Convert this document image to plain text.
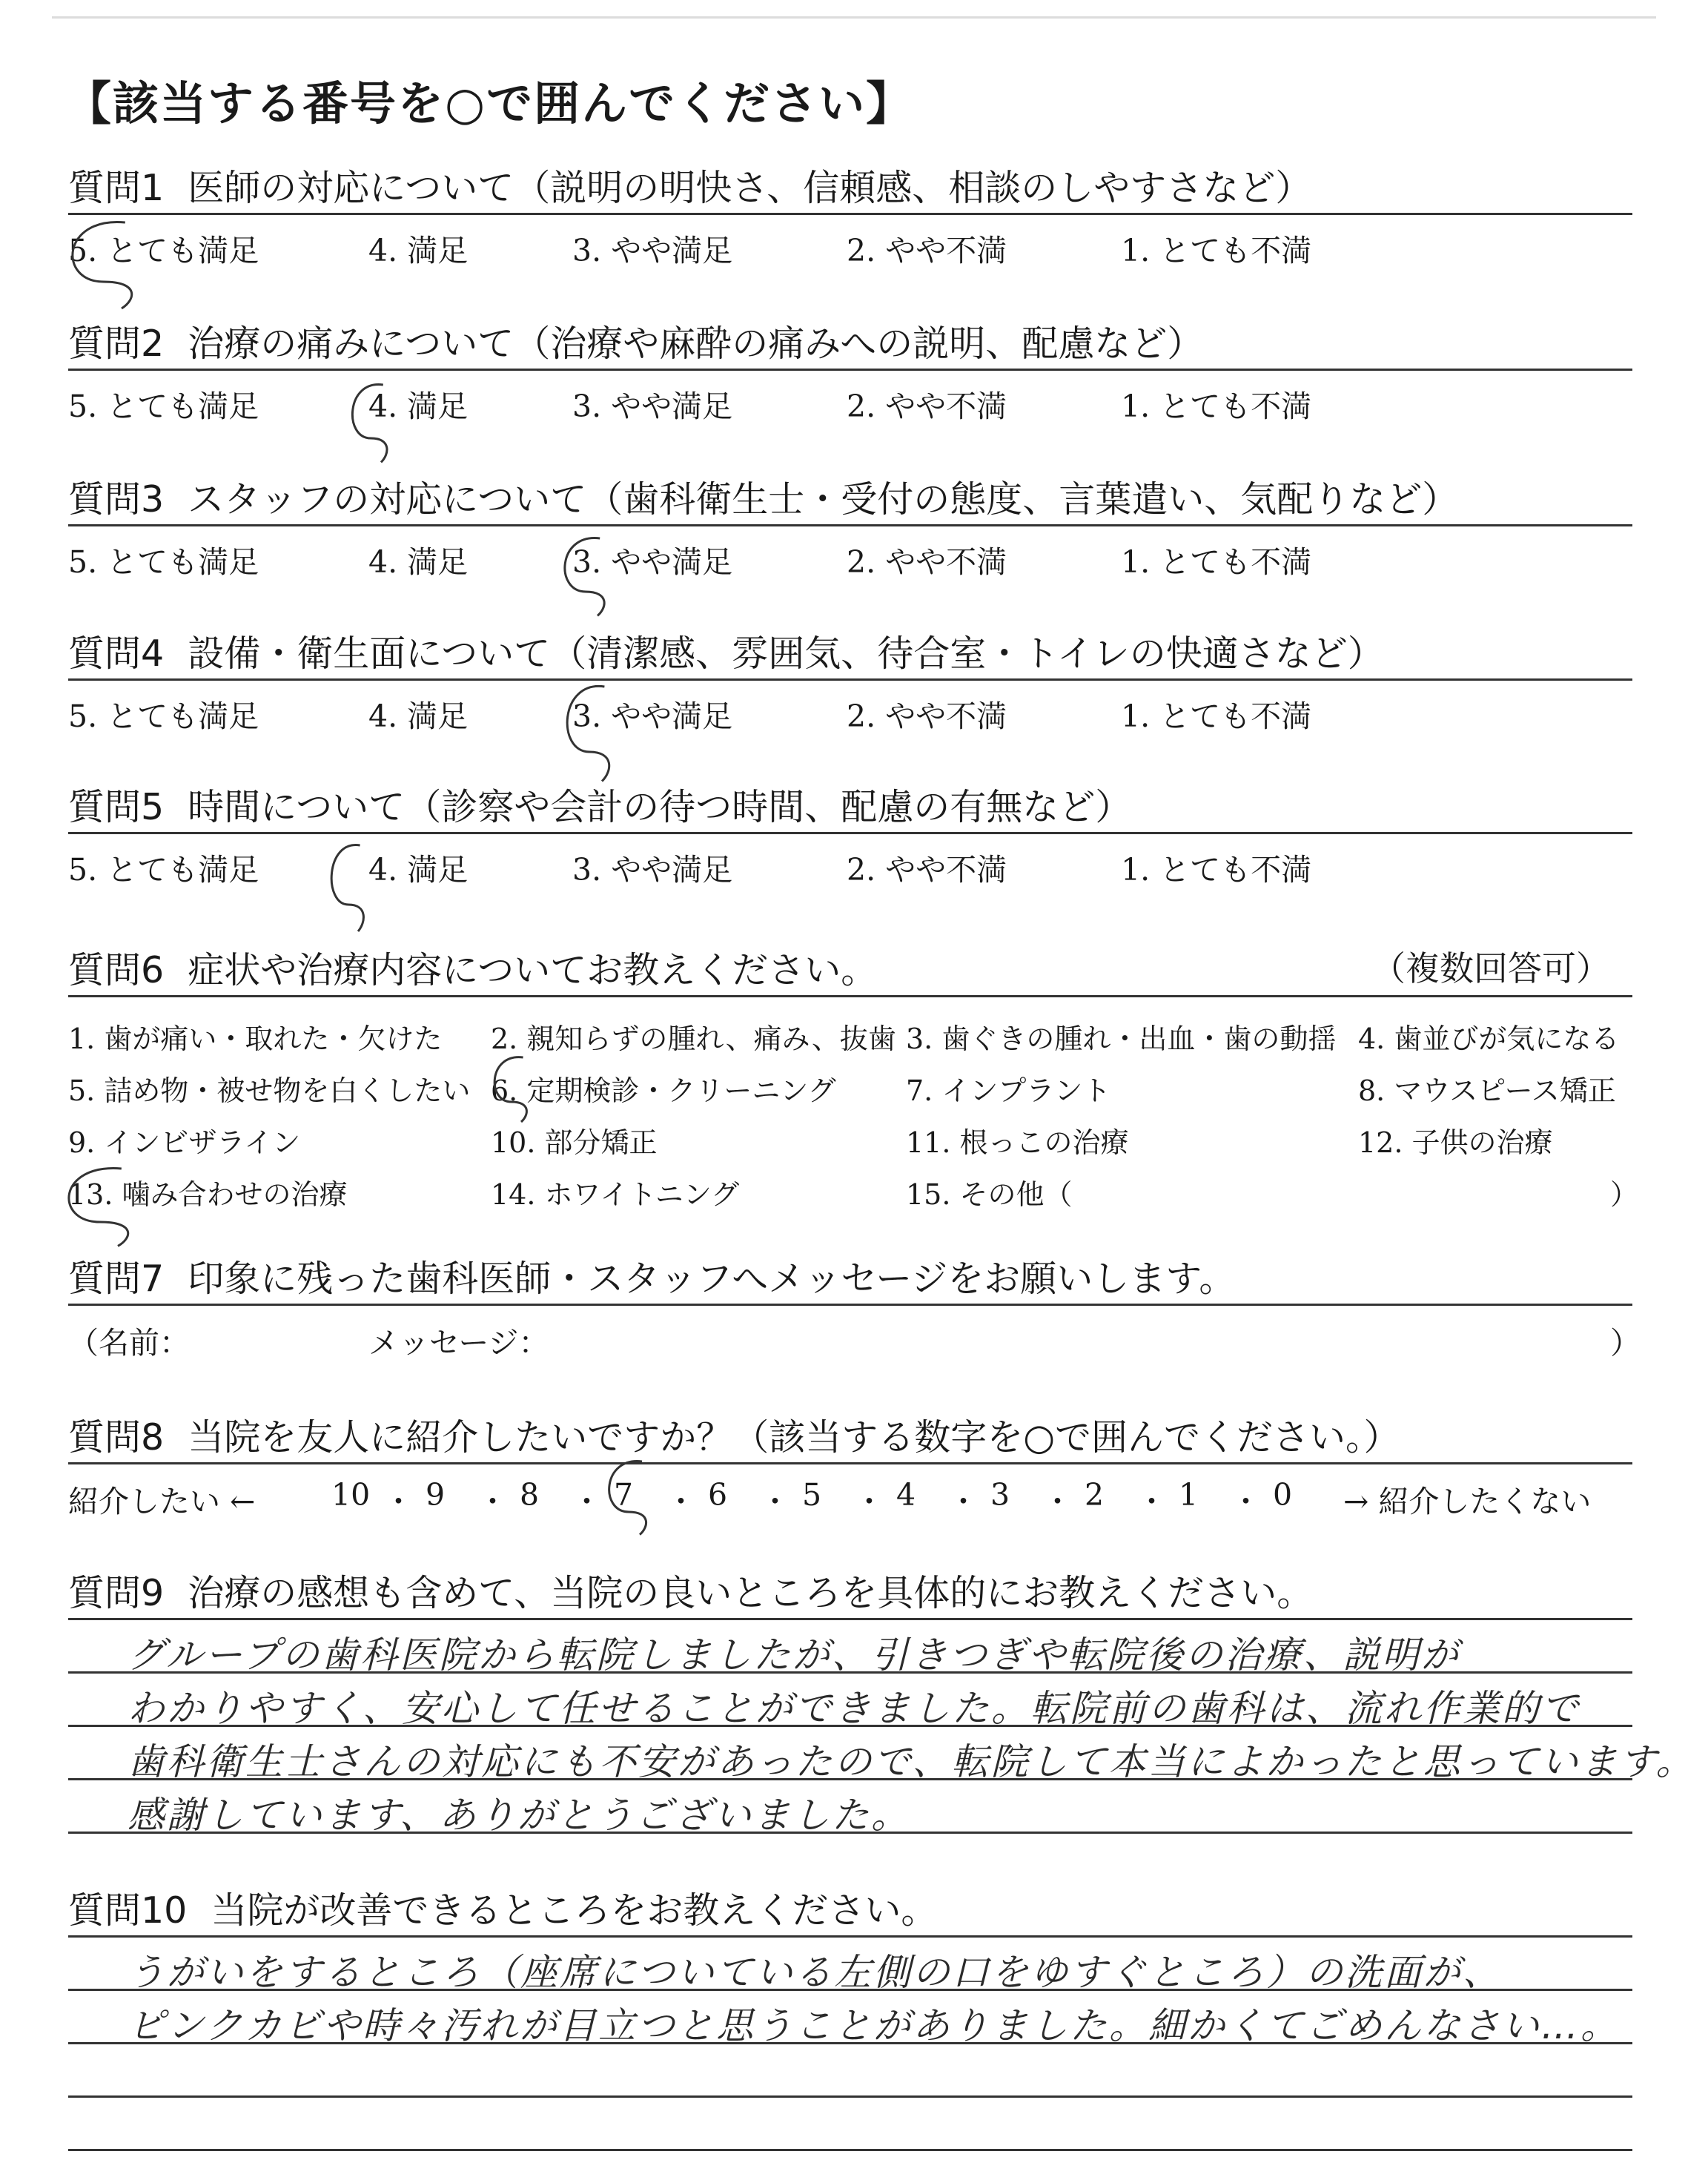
【該当する番号を○で囲んでください】
質問1 医師の対応について（説明の明快さ、信頼感、相談のしやすさなど）
5. とても満足	4. 満足	3. やや満足	2. やや不満	1. とても不満
質問2 治療の痛みについて（治療や麻酔の痛みへの説明、配慮など）
5. とても満足	4. 満足	3. やや満足	2. やや不満	1. とても不満
質問3 スタッフの対応について（歯科衛生士・受付の態度、言葉遣い、気配りなど）
5. とても満足	4. 満足	3. やや満足	2. やや不満	1. とても不満
質問4 設備・衛生面について（清潔感、雰囲気、待合室・トイレの快適さなど）
5. とても満足	4. 満足	3. やや満足	2. やや不満	1. とても不満
質問5 時間について（診察や会計の待つ時間、配慮の有無など）
5. とても満足	4. 満足	3. やや満足	2. やや不満	1. とても不満
質問6 症状や治療内容についてお教えください。	（複数回答可）
1. 歯が痛い・取れた・欠けた 2. 親知らずの腫れ、痛み、抜歯 3. 歯ぐきの腫れ・出血・歯の動揺 4. 歯並びが気になる
5. 詰め物・被せ物を白くしたい 6. 定期検診・クリーニング 7. インプラント	8. マウスピース矯正
9. インビザライン	10. 部分矯正	11. 根っこの治療	12. 子供の治療
13. 噛み合わせの治療	14. ホワイトニング	15. その他（	）
質問7 印象に残った歯科医師・スタッフへメッセージをお願いします。
（名前：	メッセージ：	）
質問8 当院を友人に紹介したいですか？（該当する数字を○で囲んでください。）
紹介したい ←	10 ・ 9 ・ 8 ・ 7 ・ 6 ・ 5 ・ 4 ・ 3 ・ 2 ・ 1 ・ 0 → 紹介したくない
質問9 治療の感想も含めて、当院の良いところを具体的にお教えください。
グループの歯科医院から転院しましたが、引きつぎや転院後の治療、説明が
わかりやすく、安心して任せることができました。転院前の歯科は、流れ作業的で
歯科衛生士さんの対応にも不安があったので、転院して本当によかったと思っています。
感謝しています、ありがとうございました。
質問10 当院が改善できるところをお教えください。
うがいをするところ（座席についている左側の口をゆすぐところ）の洗面が、
ピンクカビや時々汚れが目立つと思うことがありました。細かくてごめんなさい…。
